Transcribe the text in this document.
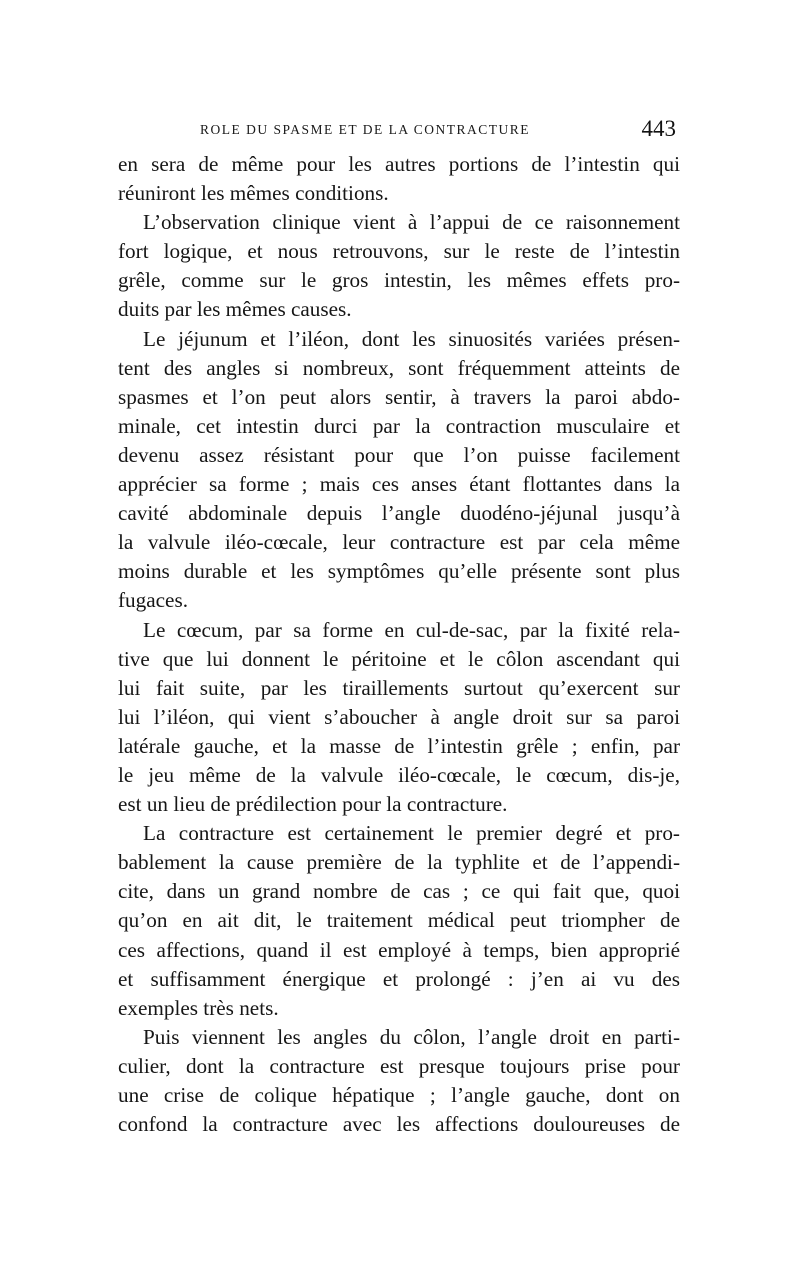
ROLE DU SPASME ET DE LA CONTRACTURE	443
en sera de même pour les autres portions de l’intestin qui
réuniront les mêmes conditions.
L’observation clinique vient à l’appui de ce raisonnement
fort logique, et nous retrouvons, sur le reste de l’intestin
grêle, comme sur le gros intestin, les mêmes effets pro-
duits par les mêmes causes.
Le jéjunum et l’iléon, dont les sinuosités variées présen-
tent des angles si nombreux, sont fréquemment atteints de
spasmes et l’on peut alors sentir, à travers la paroi abdo-
minale, cet intestin durci par la contraction musculaire et
devenu assez résistant pour que l’on puisse facilement
apprécier sa forme ; mais ces anses étant flottantes dans la
cavité abdominale depuis l’angle duodéno-jéjunal jusqu’à
la valvule iléo-cœcale, leur contracture est par cela même
moins durable et les symptômes qu’elle présente sont plus
fugaces.
Le cœcum, par sa forme en cul-de-sac, par la fixité rela-
tive que lui donnent le péritoine et le côlon ascendant qui
lui fait suite, par les tiraillements surtout qu’exercent sur
lui l’iléon, qui vient s’aboucher à angle droit sur sa paroi
latérale gauche, et la masse de l’intestin grêle ; enfin, par
le jeu même de la valvule iléo-cœcale, le cœcum, dis-je,
est un lieu de prédilection pour la contracture.
La contracture est certainement le premier degré et pro-
bablement la cause première de la typhlite et de l’appendi-
cite, dans un grand nombre de cas ; ce qui fait que, quoi
qu’on en ait dit, le traitement médical peut triompher de
ces affections, quand il est employé à temps, bien approprié
et suffisamment énergique et prolongé : j’en ai vu des
exemples très nets.
Puis viennent les angles du côlon, l’angle droit en parti-
culier, dont la contracture est presque toujours prise pour
une crise de colique hépatique ; l’angle gauche, dont on
confond la contracture avec les affections douloureuses de
